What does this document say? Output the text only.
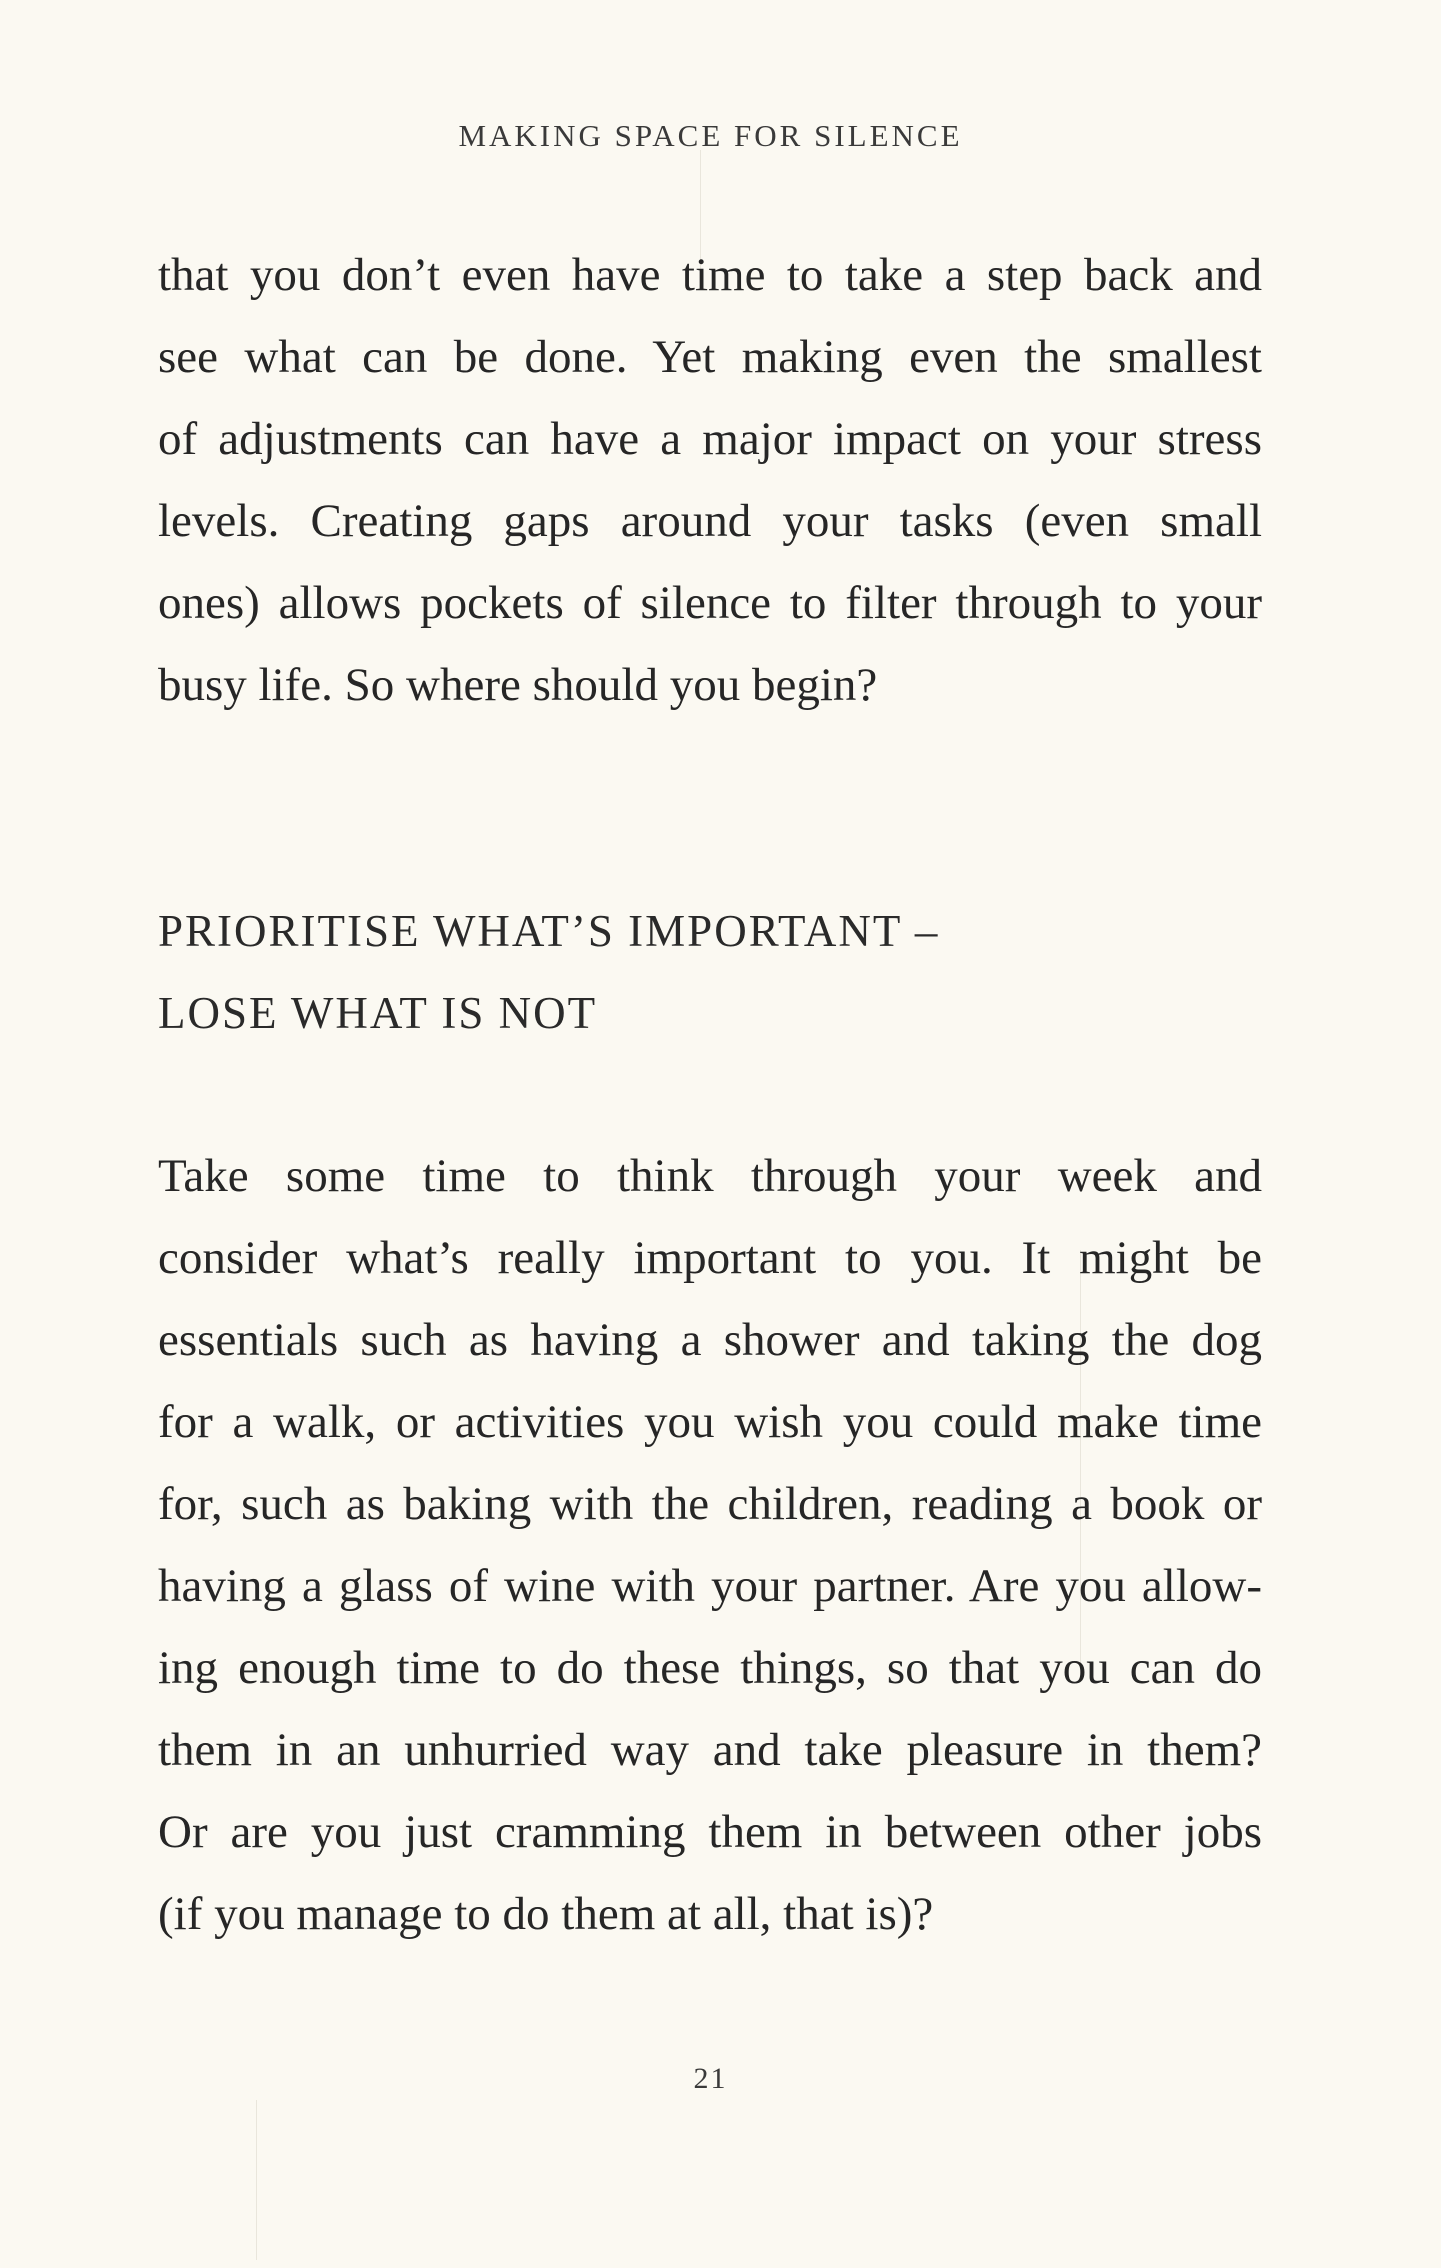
MAKING SPACE FOR SILENCE
that you don’t even have time to take a step back and
see what can be done. Yet making even the smallest
of adjustments can have a major impact on your stress
levels. Creating gaps around your tasks (even small
ones) allows pockets of silence to filter through to your
busy life. So where should you begin?
PRIORITISE WHAT’S IMPORTANT –
LOSE WHAT IS NOT
Take some time to think through your week and
consider what’s really important to you. It might be
essentials such as having a shower and taking the dog
for a walk, or activities you wish you could make time
for, such as baking with the children, reading a book or
having a glass of wine with your partner. Are you allow-
ing enough time to do these things, so that you can do
them in an unhurried way and take pleasure in them?
Or are you just cramming them in between other jobs
(if you manage to do them at all, that is)?
21
